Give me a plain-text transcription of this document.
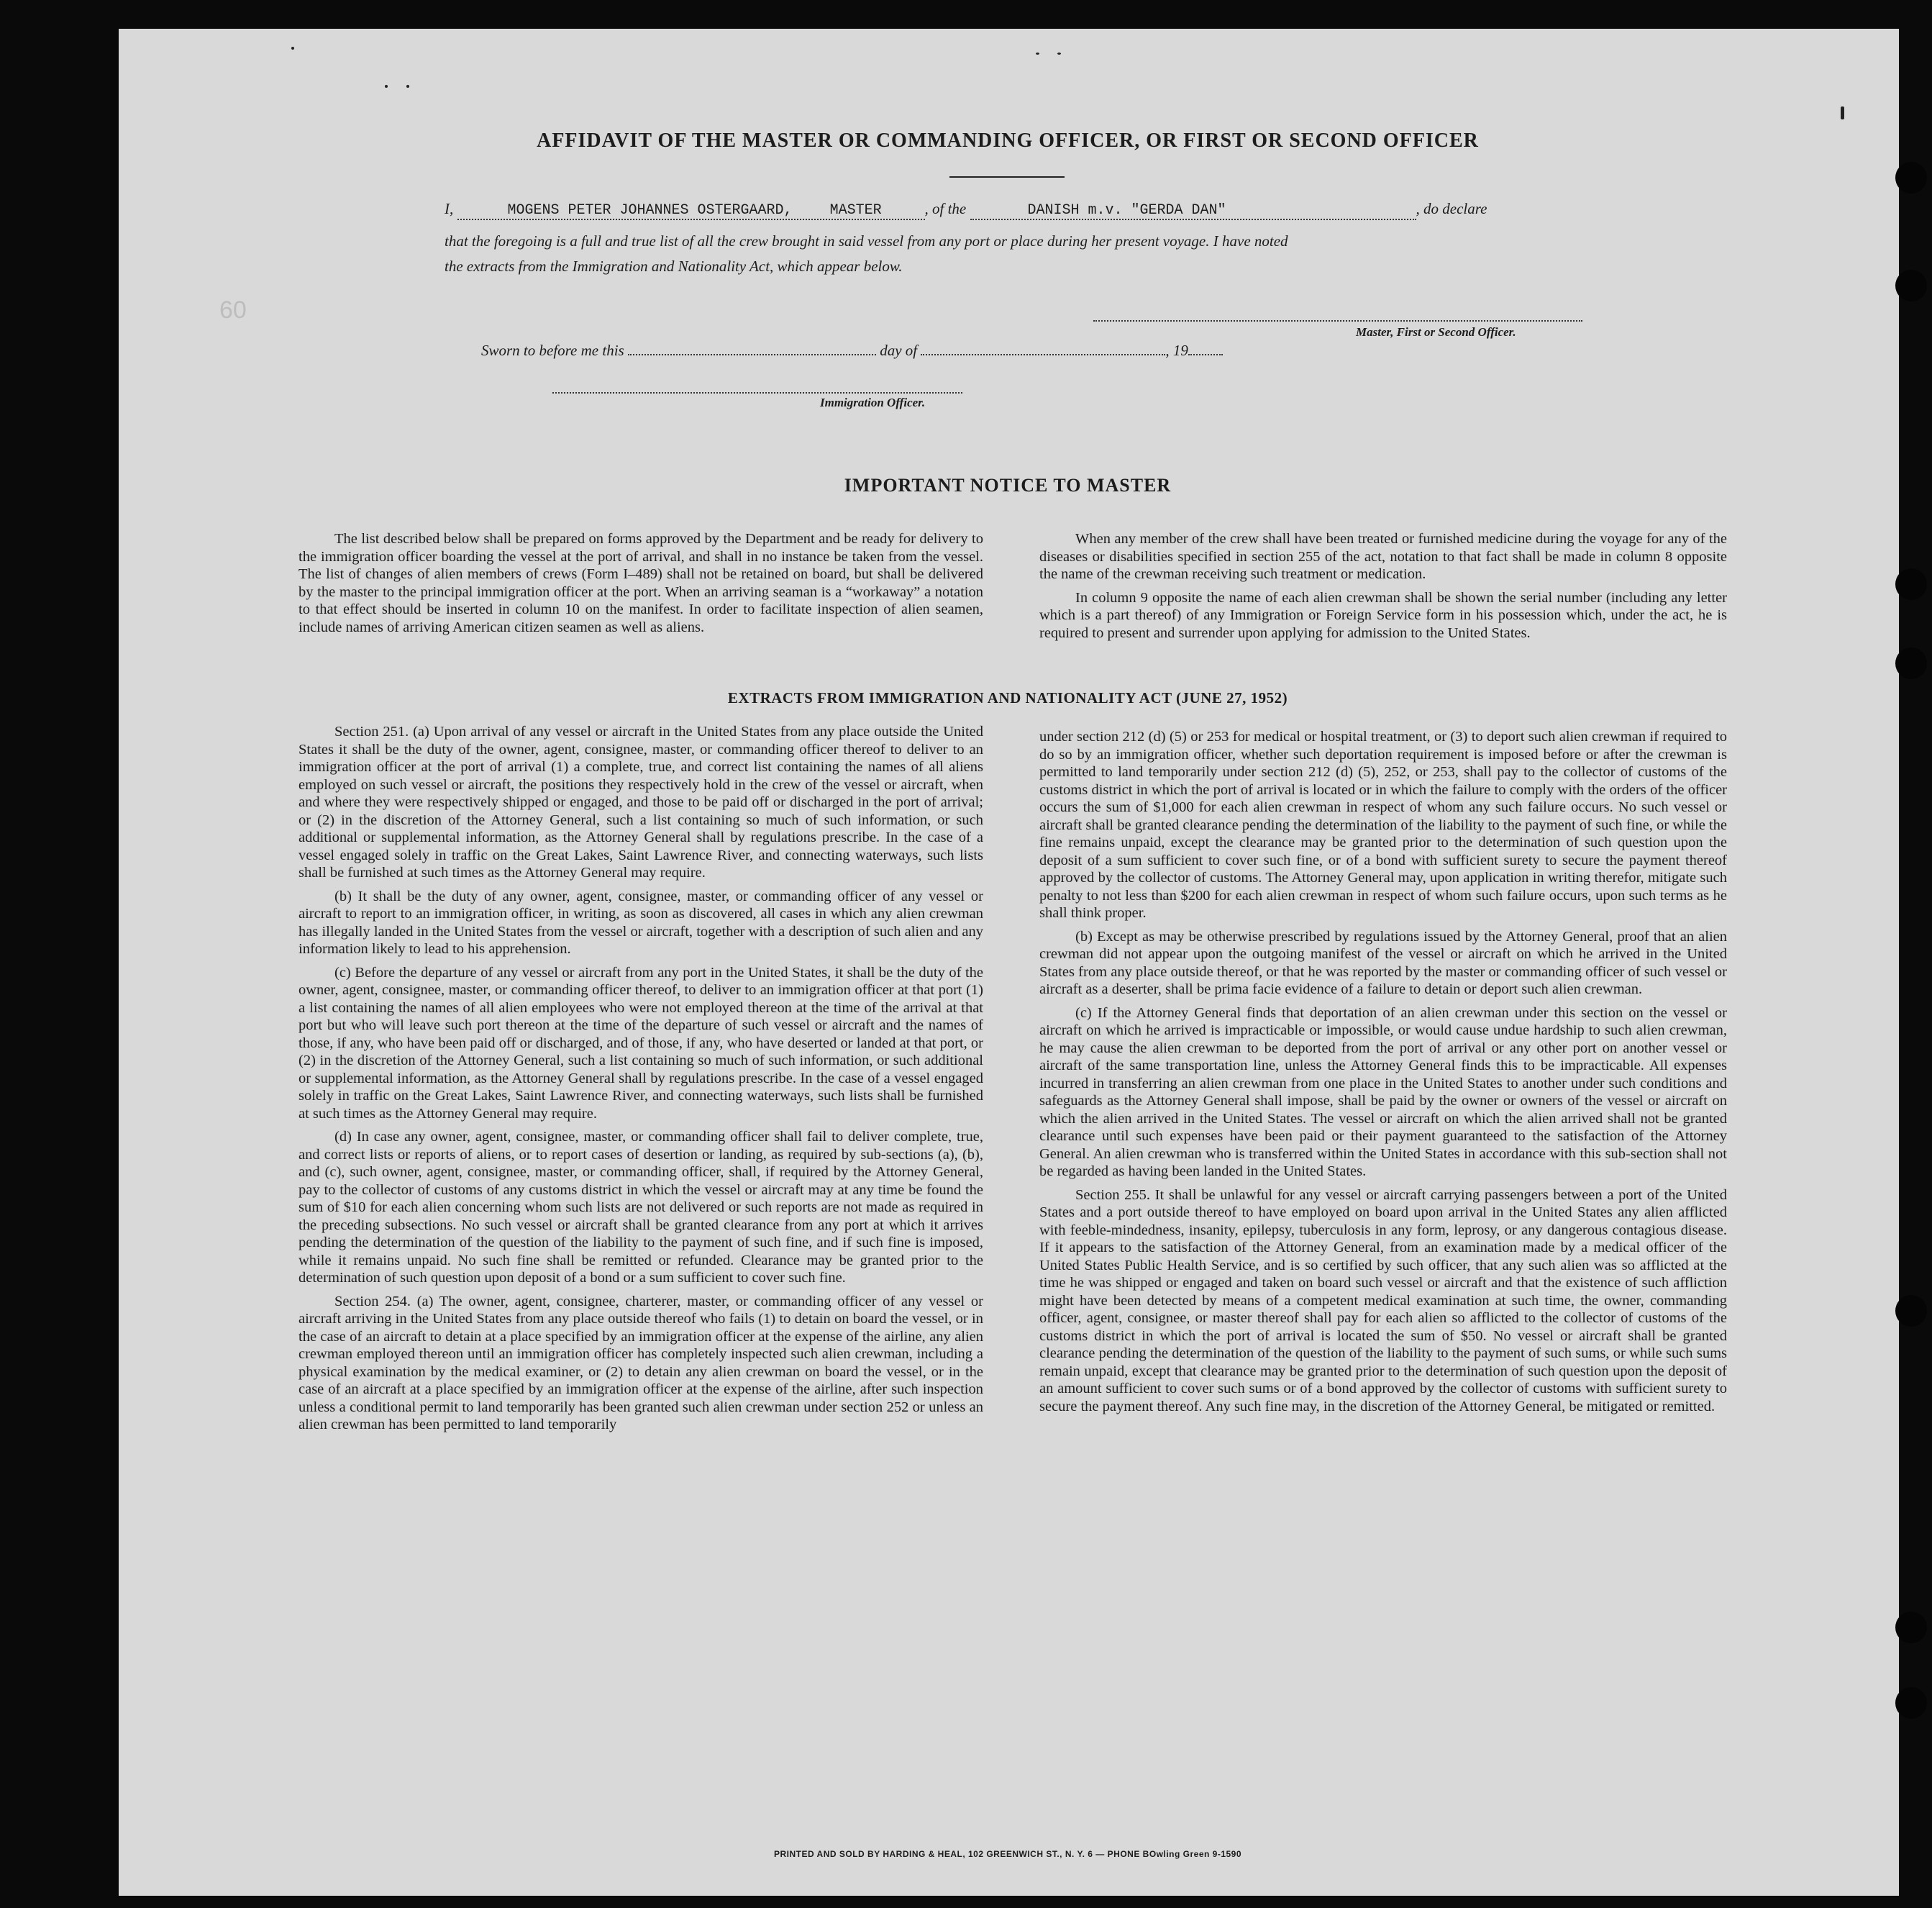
60
AFFIDAVIT OF THE MASTER OR COMMANDING OFFICER, OR FIRST OR SECOND OFFICER
I,	MOGENS PETER JOHANNES OSTERGAARD,	MASTER	, of the	DANISH m.v. "GERDA DAN"	, do declare
that the foregoing is a full and true list of all the crew brought in said vessel from any port or place during her present voyage. I have noted
the extracts from the Immigration and Nationality Act, which appear below.
Master, First or Second Officer.
Sworn to before me this	day of	, 19
Immigration Officer.
IMPORTANT NOTICE TO MASTER

The list described below shall be prepared on forms approved by the Department and be ready for delivery to the immigration officer boarding the vessel at the port of arrival, and shall in no instance be taken from the vessel. The list of changes of alien members of crews (Form I–489) shall not be retained on board, but shall be delivered by the master to the principal immigration officer at the port. When an arriving seaman is a “workaway” a notation to that effect should be inserted in column 10 on the manifest. In order to facilitate inspection of alien seamen, include names of arriving American citizen seamen as well as aliens.

When any member of the crew shall have been treated or furnished medicine during the voyage for any of the diseases or disabilities specified in section 255 of the act, notation to that fact shall be made in column 8 opposite the name of the crewman receiving such treatment or medication.

In column 9 opposite the name of each alien crewman shall be shown the serial number (including any letter which is a part thereof) of any Immigration or Foreign Service form in his possession which, under the act, he is required to present and surrender upon applying for admission to the United States.

EXTRACTS FROM IMMIGRATION AND NATIONALITY ACT (JUNE 27, 1952)

Section 251. (a) Upon arrival of any vessel or aircraft in the United States from any place outside the United States it shall be the duty of the owner, agent, consignee, master, or commanding officer thereof to deliver to an immigration officer at the port of arrival (1) a complete, true, and correct list containing the names of all aliens employed on such vessel or aircraft, the positions they respectively hold in the crew of the vessel or aircraft, when and where they were respectively shipped or engaged, and those to be paid off or discharged in the port of arrival; or (2) in the discretion of the Attorney General, such a list containing so much of such information, or such additional or supplemental information, as the Attorney General shall by regulations prescribe. In the case of a vessel engaged solely in traffic on the Great Lakes, Saint Lawrence River, and connecting waterways, such lists shall be furnished at such times as the Attorney General may require.

(b) It shall be the duty of any owner, agent, consignee, master, or commanding officer of any vessel or aircraft to report to an immigration officer, in writing, as soon as discovered, all cases in which any alien crewman has illegally landed in the United States from the vessel or aircraft, together with a description of such alien and any information likely to lead to his apprehension.

(c) Before the departure of any vessel or aircraft from any port in the United States, it shall be the duty of the owner, agent, consignee, master, or commanding officer thereof, to deliver to an immigration officer at that port (1) a list containing the names of all alien employees who were not employed thereon at the time of the arrival at that port but who will leave such port thereon at the time of the departure of such vessel or aircraft and the names of those, if any, who have been paid off or discharged, and of those, if any, who have deserted or landed at that port, or (2) in the discretion of the Attorney General, such a list containing so much of such information, or such additional or supplemental information, as the Attorney General shall by regulations prescribe. In the case of a vessel engaged solely in traffic on the Great Lakes, Saint Lawrence River, and connecting waterways, such lists shall be furnished at such times as the Attorney General may require.

(d) In case any owner, agent, consignee, master, or commanding officer shall fail to deliver complete, true, and correct lists or reports of aliens, or to report cases of desertion or landing, as required by sub-sections (a), (b), and (c), such owner, agent, consignee, master, or commanding officer, shall, if required by the Attorney General, pay to the collector of customs of any customs district in which the vessel or aircraft may at any time be found the sum of $10 for each alien concerning whom such lists are not delivered or such reports are not made as required in the preceding subsections. No such vessel or aircraft shall be granted clearance from any port at which it arrives pending the determination of the question of the liability to the payment of such fine, and if such fine is imposed, while it remains unpaid. No such fine shall be remitted or refunded. Clearance may be granted prior to the determination of such question upon deposit of a bond or a sum sufficient to cover such fine.

Section 254. (a) The owner, agent, consignee, charterer, master, or commanding officer of any vessel or aircraft arriving in the United States from any place outside thereof who fails (1) to detain on board the vessel, or in the case of an aircraft to detain at a place specified by an immigration officer at the expense of the airline, any alien crewman employed thereon until an immigration officer has completely inspected such alien crewman, including a physical examination by the medical examiner, or (2) to detain any alien crewman on board the vessel, or in the case of an aircraft at a place specified by an immigration officer at the expense of the airline, after such inspection unless a conditional permit to land temporarily has been granted such alien crewman under section 252 or unless an alien crewman has been permitted to land temporarily

under section 212 (d) (5) or 253 for medical or hospital treatment, or (3) to deport such alien crewman if required to do so by an immigration officer, whether such deportation requirement is imposed before or after the crewman is permitted to land temporarily under section 212 (d) (5), 252, or 253, shall pay to the collector of customs of the customs district in which the port of arrival is located or in which the failure to comply with the orders of the officer occurs the sum of $1,000 for each alien crewman in respect of whom any such failure occurs. No such vessel or aircraft shall be granted clearance pending the determination of the liability to the payment of such fine, or while the fine remains unpaid, except the clearance may be granted prior to the determination of such question upon the deposit of a sum sufficient to cover such fine, or of a bond with sufficient surety to secure the payment thereof approved by the collector of customs. The Attorney General may, upon application in writing therefor, mitigate such penalty to not less than $200 for each alien crewman in respect of whom such failure occurs, upon such terms as he shall think proper.

(b) Except as may be otherwise prescribed by regulations issued by the Attorney General, proof that an alien crewman did not appear upon the outgoing manifest of the vessel or aircraft on which he arrived in the United States from any place outside thereof, or that he was reported by the master or commanding officer of such vessel or aircraft as a deserter, shall be prima facie evidence of a failure to detain or deport such alien crewman.

(c) If the Attorney General finds that deportation of an alien crewman under this section on the vessel or aircraft on which he arrived is impracticable or impossible, or would cause undue hardship to such alien crewman, he may cause the alien crewman to be deported from the port of arrival or any other port on another vessel or aircraft of the same transportation line, unless the Attorney General finds this to be impracticable. All expenses incurred in transferring an alien crewman from one place in the United States to another under such conditions and safeguards as the Attorney General shall impose, shall be paid by the owner or owners of the vessel or aircraft on which the alien arrived in the United States. The vessel or aircraft on which the alien arrived shall not be granted clearance until such expenses have been paid or their payment guaranteed to the satisfaction of the Attorney General. An alien crewman who is transferred within the United States in accordance with this sub-section shall not be regarded as having been landed in the United States.

Section 255. It shall be unlawful for any vessel or aircraft carrying passengers between a port of the United States and a port outside thereof to have employed on board upon arrival in the United States any alien afflicted with feeble-mindedness, insanity, epilepsy, tuberculosis in any form, leprosy, or any dangerous contagious disease. If it appears to the satisfaction of the Attorney General, from an examination made by a medical officer of the United States Public Health Service, and is so certified by such officer, that any such alien was so afflicted at the time he was shipped or engaged and taken on board such vessel or aircraft and that the existence of such affliction might have been detected by means of a competent medical examination at such time, the owner, commanding officer, agent, consignee, or master thereof shall pay for each alien so afflicted to the collector of customs of the customs district in which the port of arrival is located the sum of $50. No vessel or aircraft shall be granted clearance pending the determination of the question of the liability to the payment of such sums, or while such sums remain unpaid, except that clearance may be granted prior to the determination of such question upon the deposit of an amount sufficient to cover such sums or of a bond approved by the collector of customs with sufficient surety to secure the payment thereof. Any such fine may, in the discretion of the Attorney General, be mitigated or remitted.

PRINTED AND SOLD BY HARDING & HEAL, 102 GREENWICH ST., N. Y. 6 — PHONE BOwling Green 9-1590
